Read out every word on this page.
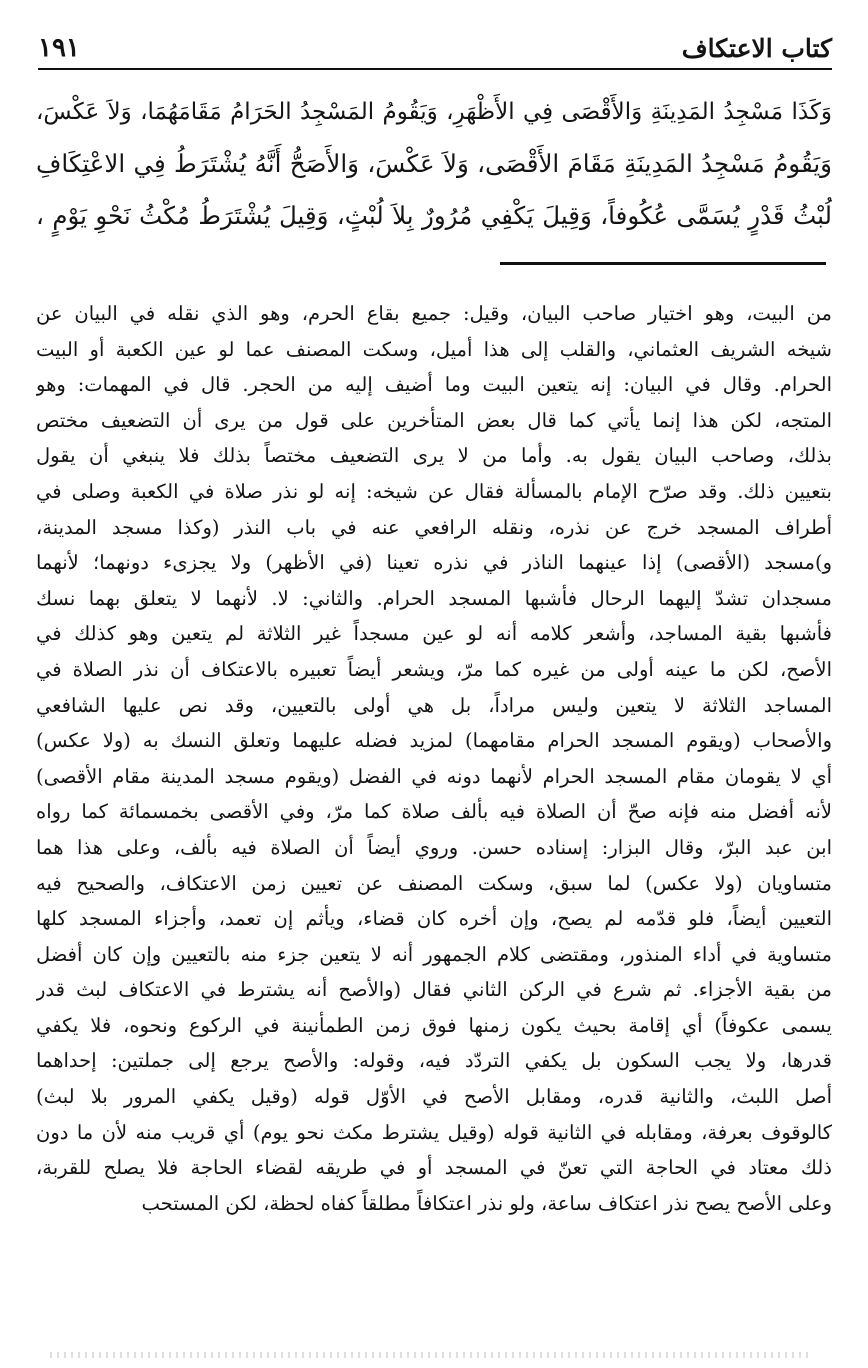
١٩١	كتاب الاعتكاف

وَكَذَا مَسْجِدُ المَدِينَةِ وَالأَقْصَى فِي الأَظْهَرِ، وَيَقُومُ المَسْجِدُ الحَرَامُ مَقَامَهُمَا، وَلاَ عَكْسَ،

وَيَقُومُ مَسْجِدُ المَدِينَةِ مَقَامَ الأَقْصَى، وَلاَ عَكْسَ، وَالأَصَحُّ أَنَّهُ يُشْتَرَطُ فِي الاعْتِكَافِ

لُبْثُ قَدْرٍ يُسَمَّى عُكُوفاً، وَقِيلَ يَكْفِي مُرُورٌ بِلاَ لُبْثٍ، وَقِيلَ يُشْتَرَطُ مُكْثُ نَحْوِ يَوْمٍ ،

من البيت، وهو اختيار صاحب البيان، وقيل: جميع بقاع الحرم، وهو الذي نقله في البيان عن

شيخه الشريف العثماني، والقلب إلى هذا أميل، وسكت المصنف عما لو عين الكعبة أو البيت

الحرام. وقال في البيان: إنه يتعين البيت وما أضيف إليه من الحجر. قال في المهمات: وهو

المتجه، لكن هذا إنما يأتي كما قال بعض المتأخرين على قول من يرى أن التضعيف مختص

بذلك، وصاحب البيان يقول به. وأما من لا يرى التضعيف مختصاً بذلك فلا ينبغي أن يقول

بتعيين ذلك. وقد صرّح الإمام بالمسألة فقال عن شيخه: إنه لو نذر صلاة في الكعبة وصلى في

أطراف المسجد خرج عن نذره، ونقله الرافعي عنه في باب النذر (وكذا مسجد المدينة،

و)مسجد (الأقصى) إذا عينهما الناذر في نذره تعينا (في الأظهر) ولا يجزىء دونهما؛ لأنهما

مسجدان تشدّ إليهما الرحال فأشبها المسجد الحرام. والثاني: لا. لأنهما لا يتعلق بهما نسك

فأشبها بقية المساجد، وأشعر كلامه أنه لو عين مسجداً غير الثلاثة لم يتعين وهو كذلك في

الأصح، لكن ما عينه أولى من غيره كما مرّ، ويشعر أيضاً تعبيره بالاعتكاف أن نذر الصلاة في

المساجد الثلاثة لا يتعين وليس مراداً، بل هي أولى بالتعيين، وقد نص عليها الشافعي

والأصحاب (ويقوم المسجد الحرام مقامهما) لمزيد فضله عليهما وتعلق النسك به (ولا عكس)

أي لا يقومان مقام المسجد الحرام لأنهما دونه في الفضل (ويقوم مسجد المدينة مقام الأقصى)

لأنه أفضل منه فإنه صحّ أن الصلاة فيه بألف صلاة كما مرّ، وفي الأقصى بخمسمائة كما رواه

ابن عبد البرّ، وقال البزار: إسناده حسن. وروي أيضاً أن الصلاة فيه بألف، وعلى هذا هما

متساويان (ولا عكس) لما سبق، وسكت المصنف عن تعيين زمن الاعتكاف، والصحيح فيه

التعيين أيضاً، فلو قدّمه لم يصح، وإن أخره كان قضاء، ويأثم إن تعمد، وأجزاء المسجد كلها

متساوية في أداء المنذور، ومقتضى كلام الجمهور أنه لا يتعين جزء منه بالتعيين وإن كان أفضل

من بقية الأجزاء. ثم شرع في الركن الثاني فقال (والأصح أنه يشترط في الاعتكاف لبث قدر

يسمى عكوفاً) أي إقامة بحيث يكون زمنها فوق زمن الطمأنينة في الركوع ونحوه، فلا يكفي

قدرها، ولا يجب السكون بل يكفي التردّد فيه، وقوله: والأصح يرجع إلى جملتين: إحداهما

أصل اللبث، والثانية قدره، ومقابل الأصح في الأوّل قوله (وقيل يكفي المرور بلا لبث)

كالوقوف بعرفة، ومقابله في الثانية قوله (وقيل يشترط مكث نحو يوم) أي قريب منه لأن ما دون

ذلك معتاد في الحاجة التي تعنّ في المسجد أو في طريقه لقضاء الحاجة فلا يصلح للقربة،

وعلى الأصح يصح نذر اعتكاف ساعة، ولو نذر اعتكافاً مطلقاً كفاه لحظة، لكن المستحب
